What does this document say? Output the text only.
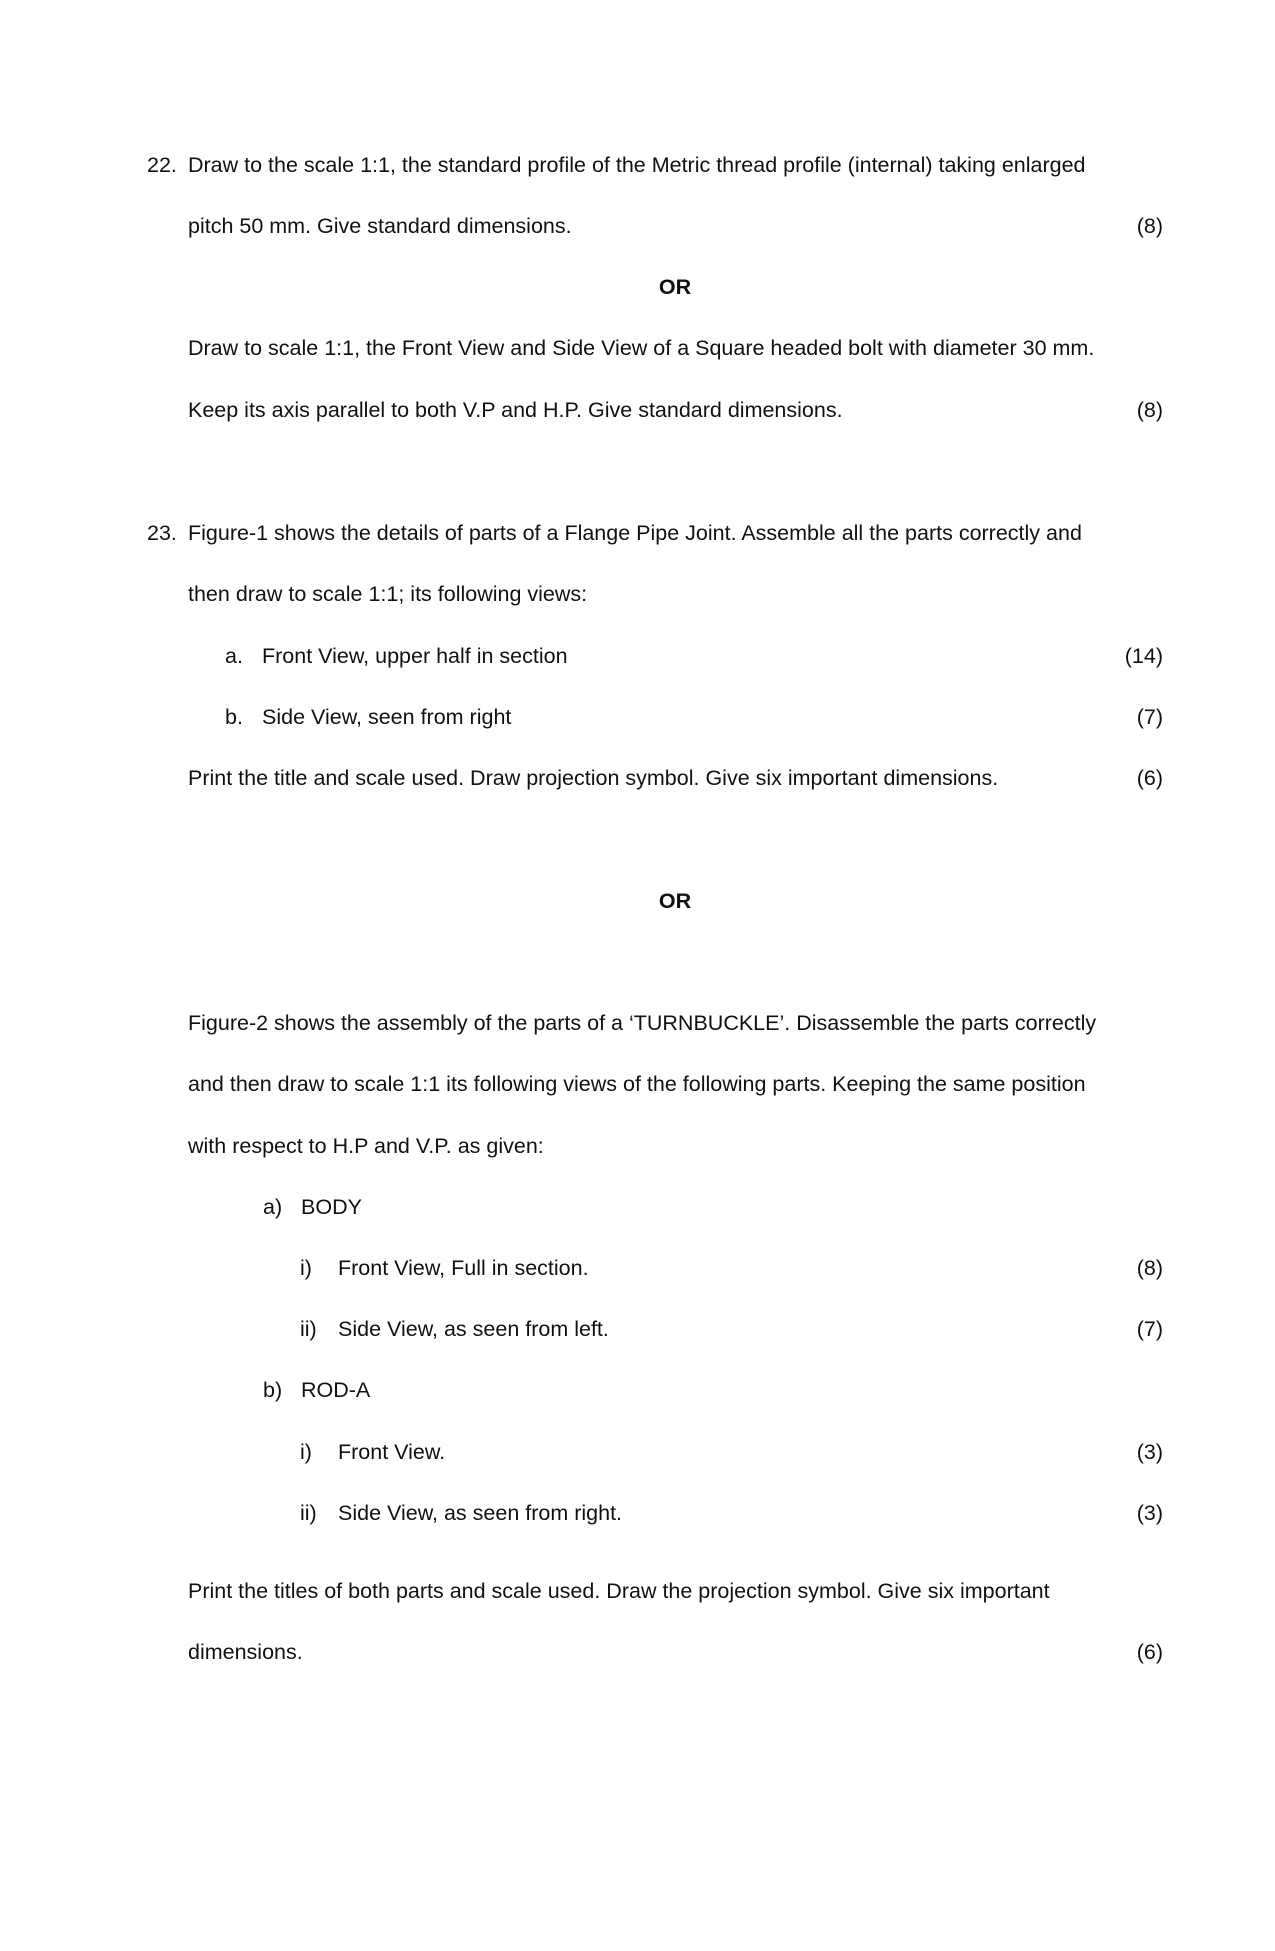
22. Draw to the scale 1:1, the standard profile of the Metric thread profile (internal) taking enlarged
pitch 50 mm. Give standard dimensions.	(8)
OR
Draw to scale 1:1, the Front View and Side View of a Square headed bolt with diameter 30 mm.
Keep its axis parallel to both V.P and H.P. Give standard dimensions.	(8)
23. Figure-1 shows the details of parts of a Flange Pipe Joint. Assemble all the parts correctly and
then draw to scale 1:1; its following views:
a. Front View, upper half in section	(14)
b. Side View, seen from right	(7)
Print the title and scale used. Draw projection symbol. Give six important dimensions.	(6)
OR
Figure-2 shows the assembly of the parts of a ‘TURNBUCKLE’. Disassemble the parts correctly
and then draw to scale 1:1 its following views of the following parts. Keeping the same position
with respect to H.P and V.P. as given:
a) BODY
i) Front View, Full in section.	(8)
ii) Side View, as seen from left.	(7)
b) ROD-A
i) Front View.	(3)
ii) Side View, as seen from right.	(3)
Print the titles of both parts and scale used. Draw the projection symbol. Give six important
dimensions.	(6)
